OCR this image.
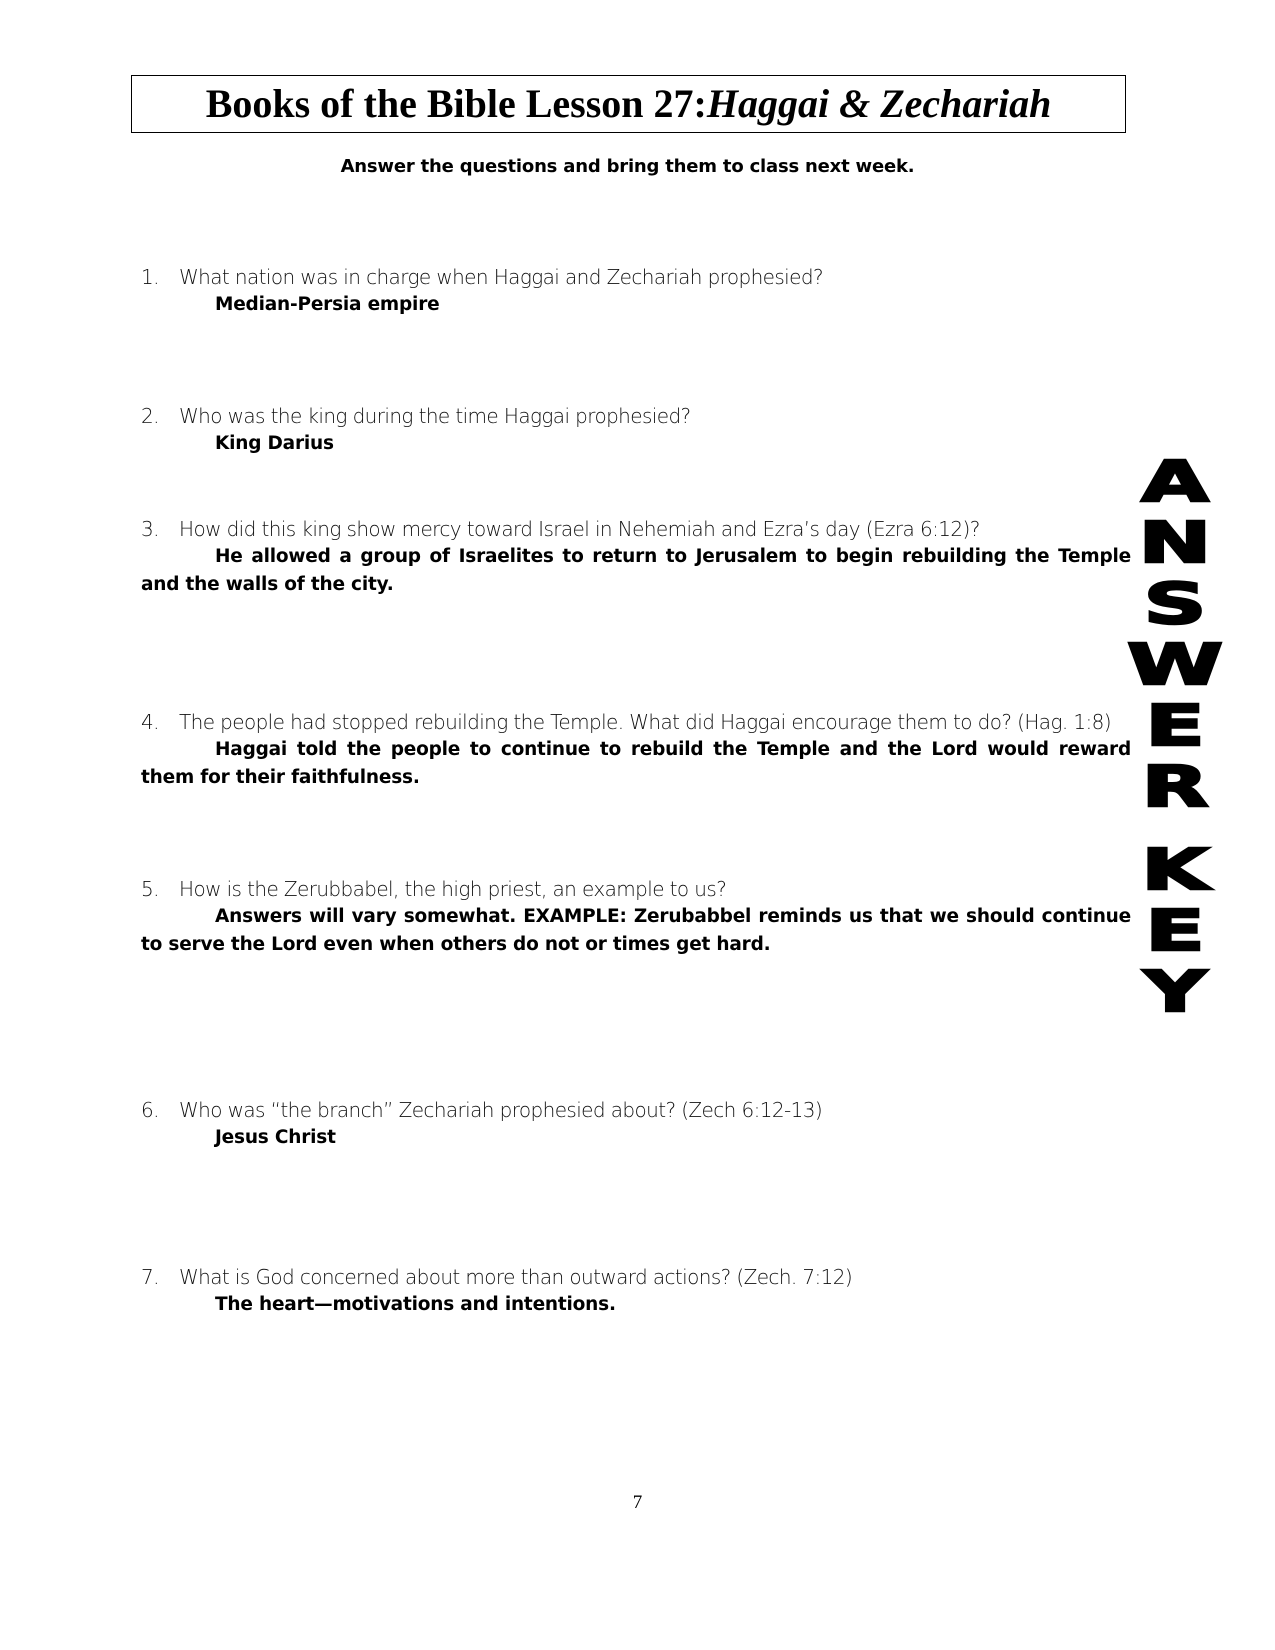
Books of the Bible Lesson 27: Haggai & Zechariah
Answer the questions and bring them to class next week.
1.	What nation was in charge when Haggai and Zechariah prophesied?
Median-Persia empire
2.	Who was the king during the time Haggai prophesied?
King Darius
3.	How did this king show mercy toward Israel in Nehemiah and Ezra’s day (Ezra 6:12)?
He allowed a group of Israelites to return to Jerusalem to begin rebuilding the Temple and the walls of the city.
4.	The people had stopped rebuilding the Temple. What did Haggai encourage them to do? (Hag. 1:8)
Haggai told the people to continue to rebuild the Temple and the Lord would reward them for their faithfulness.
5.	How is the Zerubbabel, the high priest, an example to us?
Answers will vary somewhat. EXAMPLE: Zerubabbel reminds us that we should continue to serve the Lord even when others do not or times get hard.
6.	Who was “the branch” Zechariah prophesied about? (Zech 6:12-13)
Jesus Christ
7.	What is God concerned about more than outward actions? (Zech. 7:12)
The heart—motivations and intentions.
A
N
S
W
E
R
K
E
Y
7
